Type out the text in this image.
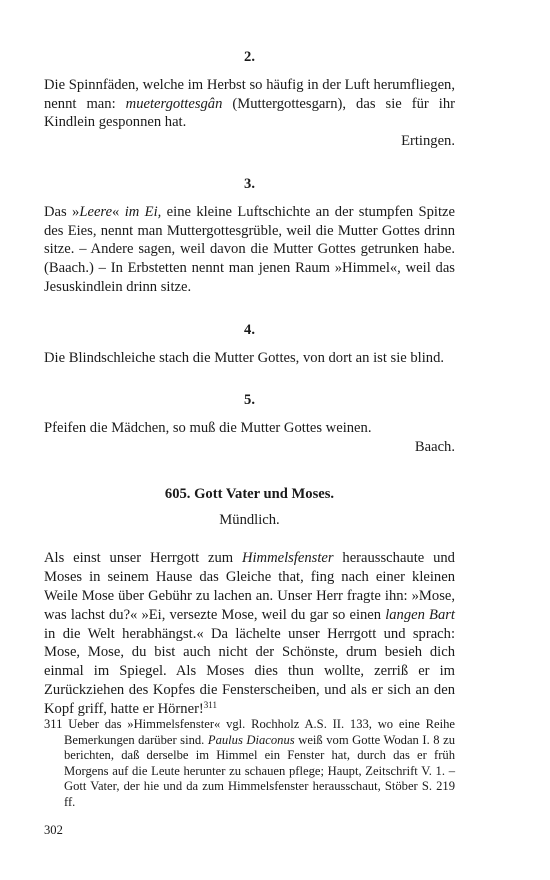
2.

Die Spinnfäden, welche im Herbst so häufig in der Luft herumfliegen, nennt man: muetergottesgân (Muttergottesgarn), das sie für ihr Kindlein gesponnen hat.

Ertingen.

3.

Das »Leere« im Ei, eine kleine Luftschichte an der stumpfen Spitze des Eies, nennt man Muttergottesgrüble, weil die Mutter Gottes drinn sitze. – Andere sagen, weil davon die Mutter Gottes getrunken habe. (Baach.) – In Erbstetten nennt man jenen Raum »Himmel«, weil das Jesuskindlein drinn sitze.

4.

Die Blindschleiche stach die Mutter Gottes, von dort an ist sie blind.

5.

Pfeifen die Mädchen, so muß die Mutter Gottes weinen.

Baach.

605. Gott Vater und Moses.
Mündlich.

Als einst unser Herrgott zum Himmelsfenster herausschaute und Moses in seinem Hause das Gleiche that, fing nach einer kleinen Weile Mose über Gebühr zu lachen an. Unser Herr fragte ihn: »Mose, was lachst du?« »Ei, versezte Mose, weil du gar so einen langen Bart in die Welt herabhängst.« Da lächelte unser Herrgott und sprach: Mose, Mose, du bist auch nicht der Schönste, drum besieh dich einmal im Spiegel. Als Moses dies thun wollte, zerriß er im Zurückziehen des Kopfes die Fensterscheiben, und als er sich an den Kopf griff, hatte er Hörner!$^{311}$

311 Ueber das »Himmelsfenster« vgl. Rochholz A.S. II. 133, wo eine Reihe Bemerkungen darüber sind. Paulus Diaconus weiß vom Gotte Wodan I. 8 zu berichten, daß derselbe im Himmel ein Fenster hat, durch das er früh Morgens auf die Leute herunter zu schauen pflege; Haupt, Zeitschrift V. 1. – Gott Vater, der hie und da zum Himmelsfenster herausschaut, Stöber S. 219 ff.
302
